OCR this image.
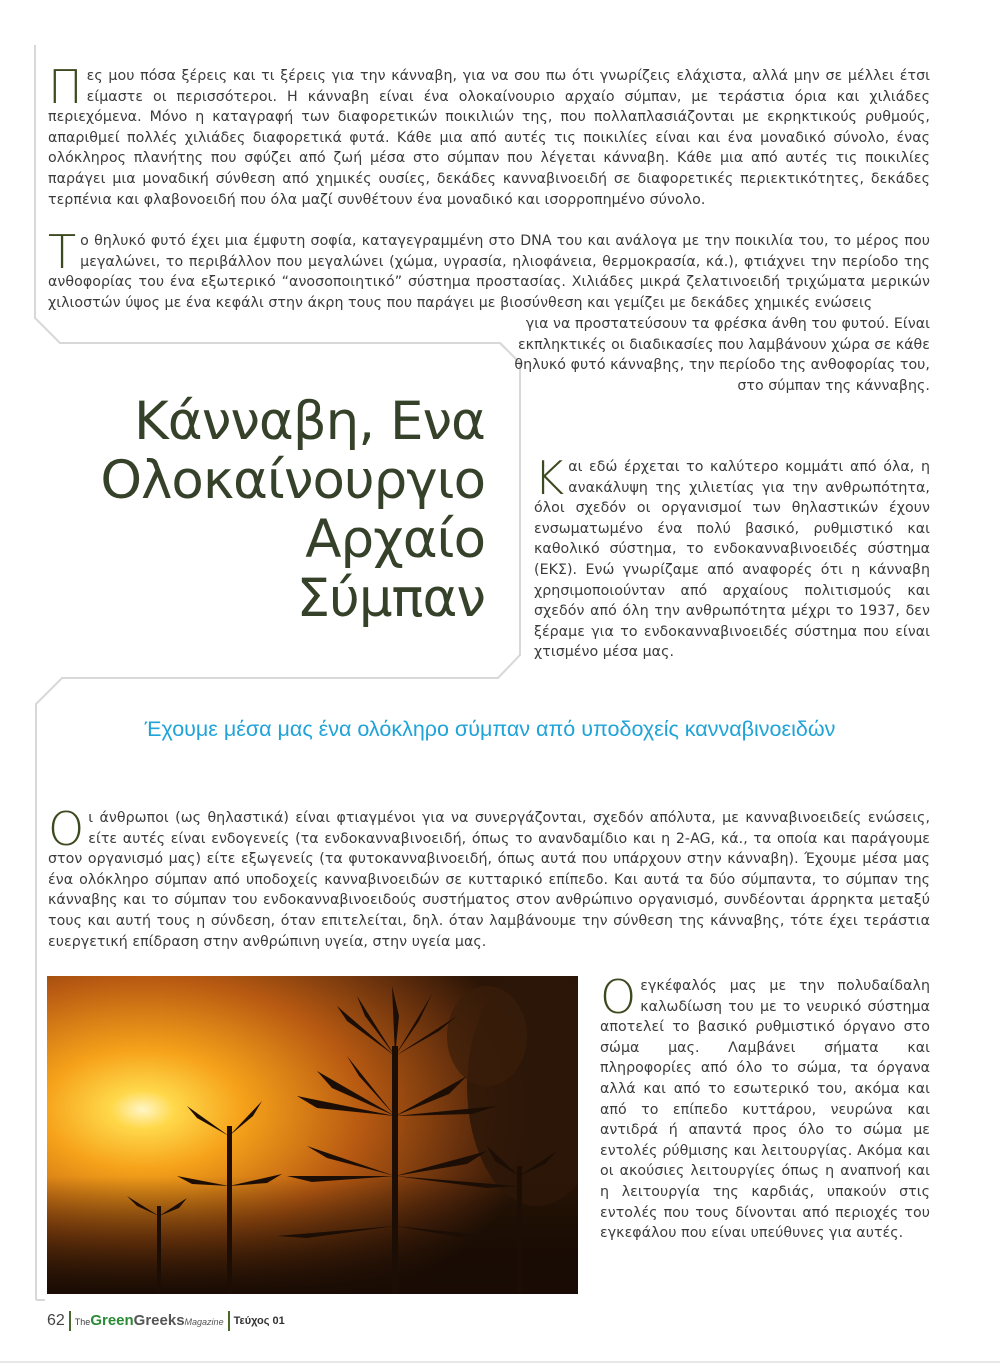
Π ες μου πόσα ξέρεις και τι ξέρεις για την κάνναβη, για να σου πω ότι γνωρίζεις ελάχιστα, αλλά μην σε μέλλει έτσι είμαστε οι περισσότεροι. Η κάνναβη είναι ένα ολοκαίνουριο αρχαίο σύμπαν, με τεράστια όρια και χιλιάδες περιεχόμενα. Μόνο η καταγραφή των διαφορετικών ποικιλιών της, που πολλαπλασιάζονται με εκρηκτικούς ρυθμούς, απαριθμεί πολλές χιλιάδες διαφορετικά φυτά. Κάθε μια από αυτές τις ποικιλίες είναι και ένα μοναδικό σύνολο, ένας ολόκληρος πλανήτης που σφύζει από ζωή μέσα στο σύμπαν που λέγεται κάνναβη. Κάθε μια από αυτές τις ποικιλίες παράγει μια μοναδική σύνθεση από χημικές ουσίες, δεκάδες κανναβινοειδή σε διαφορετικές περιεκτικότητες, δεκάδες τερπένια και φλαβονοειδή που όλα μαζί συνθέτουν ένα μοναδικό και ισορροπημένο σύνολο.
Τ ο θηλυκό φυτό έχει μια έμφυτη σοφία, καταγεγραμμένη στο DNA του και ανάλογα με την ποικιλία του, το μέρος που μεγαλώνει, το περιβάλλον που μεγαλώνει (χώμα, υγρασία, ηλιοφάνεια, θερμοκρασία, κά.), φτιάχνει την περίοδο της ανθοφορίας του ένα εξωτερικό “ανοσοποιητικό” σύστημα προστασίας. Χιλιάδες μικρά ζελατινοειδή τριχώματα μερικών χιλιοστών ύψος με ένα κεφάλι στην άκρη τους που παράγει με βιοσύνθεση και γεμίζει με δεκάδες χημικές ενώσεις
για να προστατεύσουν τα φρέσκα άνθη του φυτού. Είναι εκπληκτικές οι διαδικασίες που λαμβάνουν χώρα σε κάθε θηλυκό φυτό κάνναβης, την περίοδο της ανθοφορίας του, στο σύμπαν της κάνναβης.
Κάνναβη, Ενα
Ολοκαίνουργιο
Αρχαίο
Σύμπαν
Κ αι εδώ έρχεται το καλύτερο κομμάτι από όλα, η ανακάλυψη της χιλιετίας για την ανθρωπότητα, όλοι σχεδόν οι οργανισμοί των θηλαστικών έχουν ενσωματωμένο ένα πολύ βασικό, ρυθμιστικό και καθολικό σύστημα, το ενδοκανναβινοειδές σύστημα (ΕΚΣ). Ενώ γνωρίζαμε από αναφορές ότι η κάνναβη χρησιμοποιούνταν από αρχαίους πολιτισμούς και σχεδόν από όλη την ανθρωπότητα μέχρι το 1937, δεν ξέραμε για το ενδοκανναβινοειδές σύστημα που είναι χτισμένο μέσα μας.
Έχουμε μέσα μας ένα ολόκληρο σύμπαν από υποδοχείς κανναβινοειδών
Ο ι άνθρωποι (ως θηλαστικά) είναι φτιαγμένοι για να συνεργάζονται, σχεδόν απόλυτα, με κανναβινοειδείς ενώσεις, είτε αυτές είναι ενδογενείς (τα ενδοκανναβινοειδή, όπως το ανανδαμίδιο και η 2-AG, κά., τα οποία και παράγουμε στον οργανισμό μας) είτε εξωγενείς (τα φυτοκανναβινοειδή, όπως αυτά που υπάρχουν στην κάνναβη). Έχουμε μέσα μας ένα ολόκληρο σύμπαν από υποδοχείς κανναβινοειδών σε κυτταρικό επίπεδο. Και αυτά τα δύο σύμπαντα, το σύμπαν της κάνναβης και το σύμπαν του ενδοκανναβινοειδούς συστήματος στον ανθρώπινο οργανισμό, συνδέονται άρρηκτα μεταξύ τους και αυτή τους η σύνδεση, όταν επιτελείται, δηλ. όταν λαμβάνουμε την σύνθεση της κάνναβης, τότε έχει τεράστια ευεργετική επίδραση στην ανθρώπινη υγεία, στην υγεία μας.
Ο εγκέφαλός μας με την πολυδαίδαλη καλωδίωση του με το νευρικό σύστημα αποτελεί το βασικό ρυθμιστικό όργανο στο σώμα μας. Λαμβάνει σήματα και πληροφορίες από όλο το σώμα, τα όργανα αλλά και από το εσωτερικό του, ακόμα και από το επίπεδο κυττάρου, νευρώνα και αντιδρά ή απαντά προς όλο το σώμα με εντολές ρύθμισης και λειτουργίας. Ακόμα και οι ακούσιες λειτουργίες όπως η αναπνοή και η λειτουργία της καρδιάς, υπακούν στις εντολές που τους δίνονται από περιοχές του εγκεφάλου που είναι υπεύθυνες για αυτές.
62 TheGreenGreeksMagazine Τεύχος 01
